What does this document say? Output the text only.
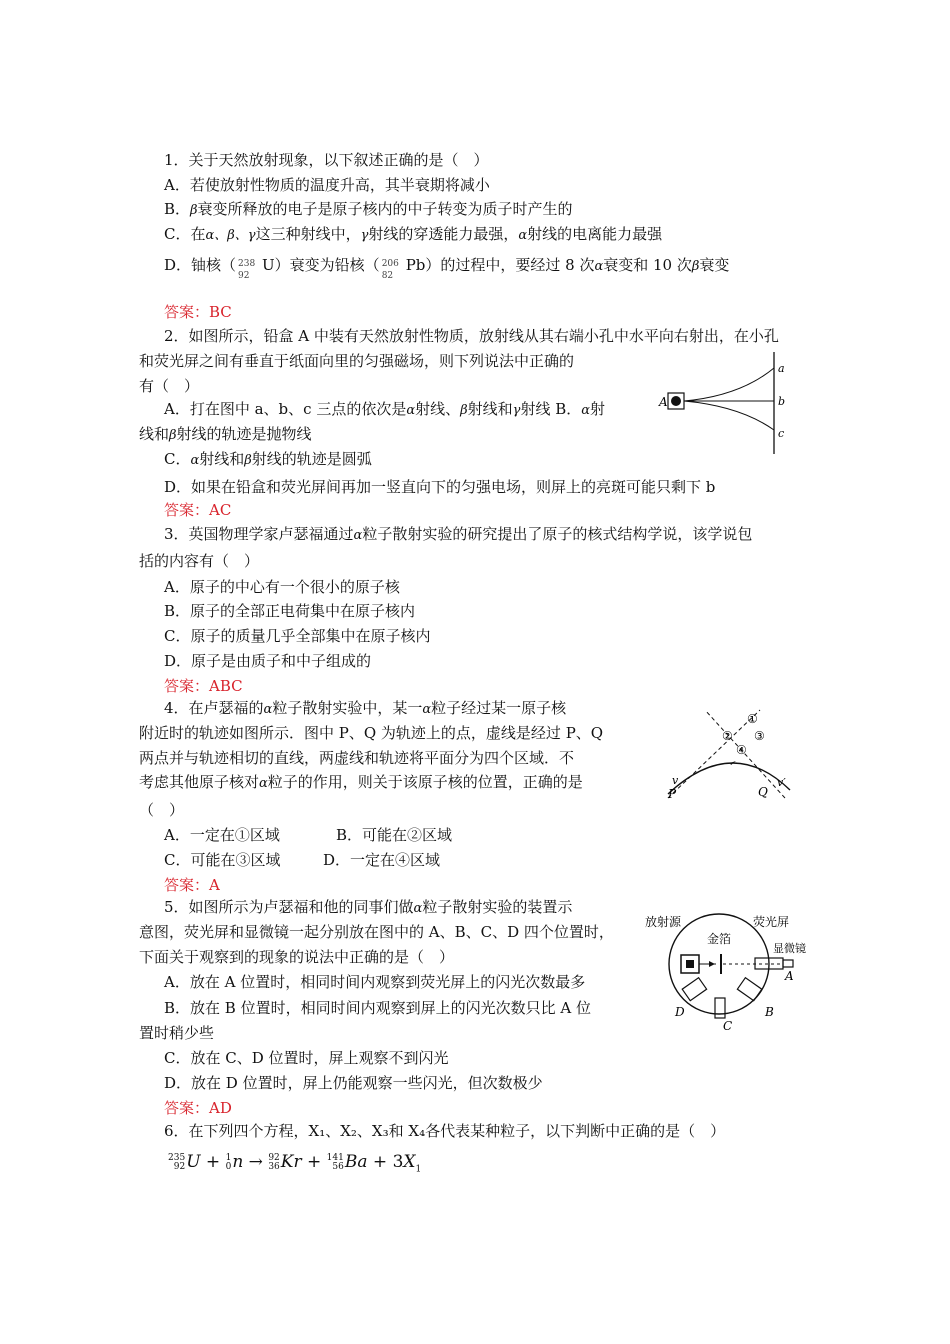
1．关于天然放射现象，以下叙述正确的是（　）
A．若使放射性物质的温度升高，其半衰期将减小
B．β衰变所释放的电子是原子核内的中子转变为质子时产生的
C．在α、β、γ这三种射线中，γ射线的穿透能力最强，α射线的电离能力最强
D．铀核（ 238
92
U）衰变为铅核（ 206
82
Pb）的过程中，要经过 8 次α衰变和 10 次β衰变
答案：BC
2．如图所示，铅盒 A 中装有天然放射性物质，放射线从其右端小孔中水平向右射出，在小孔
和荧光屏之间有垂直于纸面向里的匀强磁场，则下列说法中正确的
有（　）
A．打在图中 a、b、c 三点的依次是α射线、β射线和γ射线 B．α射
线和β射线的轨迹是抛物线
C．α射线和β射线的轨迹是圆弧
D．如果在铅盒和荧光屏间再加一竖直向下的匀强电场，则屏上的亮斑可能只剩下 b
答案：AC
A
a
b
c
3．英国物理学家卢瑟福通过α粒子散射实验的研究提出了原子的核式结构学说，该学说包
括的内容有（　）
A．原子的中心有一个很小的原子核
B．原子的全部正电荷集中在原子核内
C．原子的质量几乎全部集中在原子核内
D．原子是由质子和中子组成的
答案：ABC
4．在卢瑟福的α粒子散射实验中，某一α粒子经过某一原子核
附近时的轨迹如图所示．图中 P、Q 为轨迹上的点，虚线是经过 P、Q
两点并与轨迹相切的直线，两虚线和轨迹将平面分为四个区域．不
考虑其他原子核对α粒子的作用，则关于该原子核的位置，正确的是
（　）
A．一定在①区域	B．可能在②区域
C．可能在③区域	D．一定在④区域
答案：A
①
② ③
④
v	v′
P	Q
5．如图所示为卢瑟福和他的同事们做α粒子散射实验的装置示
意图，荧光屏和显微镜一起分别放在图中的 A、B、C、D 四个位置时，
下面关于观察到的现象的说法中正确的是（　）
A．放在 A 位置时，相同时间内观察到荧光屏上的闪光次数最多
B．放在 B 位置时，相同时间内观察到屏上的闪光次数只比 A 位
置时稍少些
C．放在 C、D 位置时，屏上观察不到闪光
D．放在 D 位置时，屏上仍能观察一些闪光，但次数极少
答案：AD
放射源
金箔
荧光屏
显微镜
A
B
C
D
6．在下列四个方程，X₁、X₂、X₃和 X₄各代表某种粒子，以下判断中正确的是（　）
235
92U + 1
0n → 92
36Kr + 141
$56Ba + 3X_1$
